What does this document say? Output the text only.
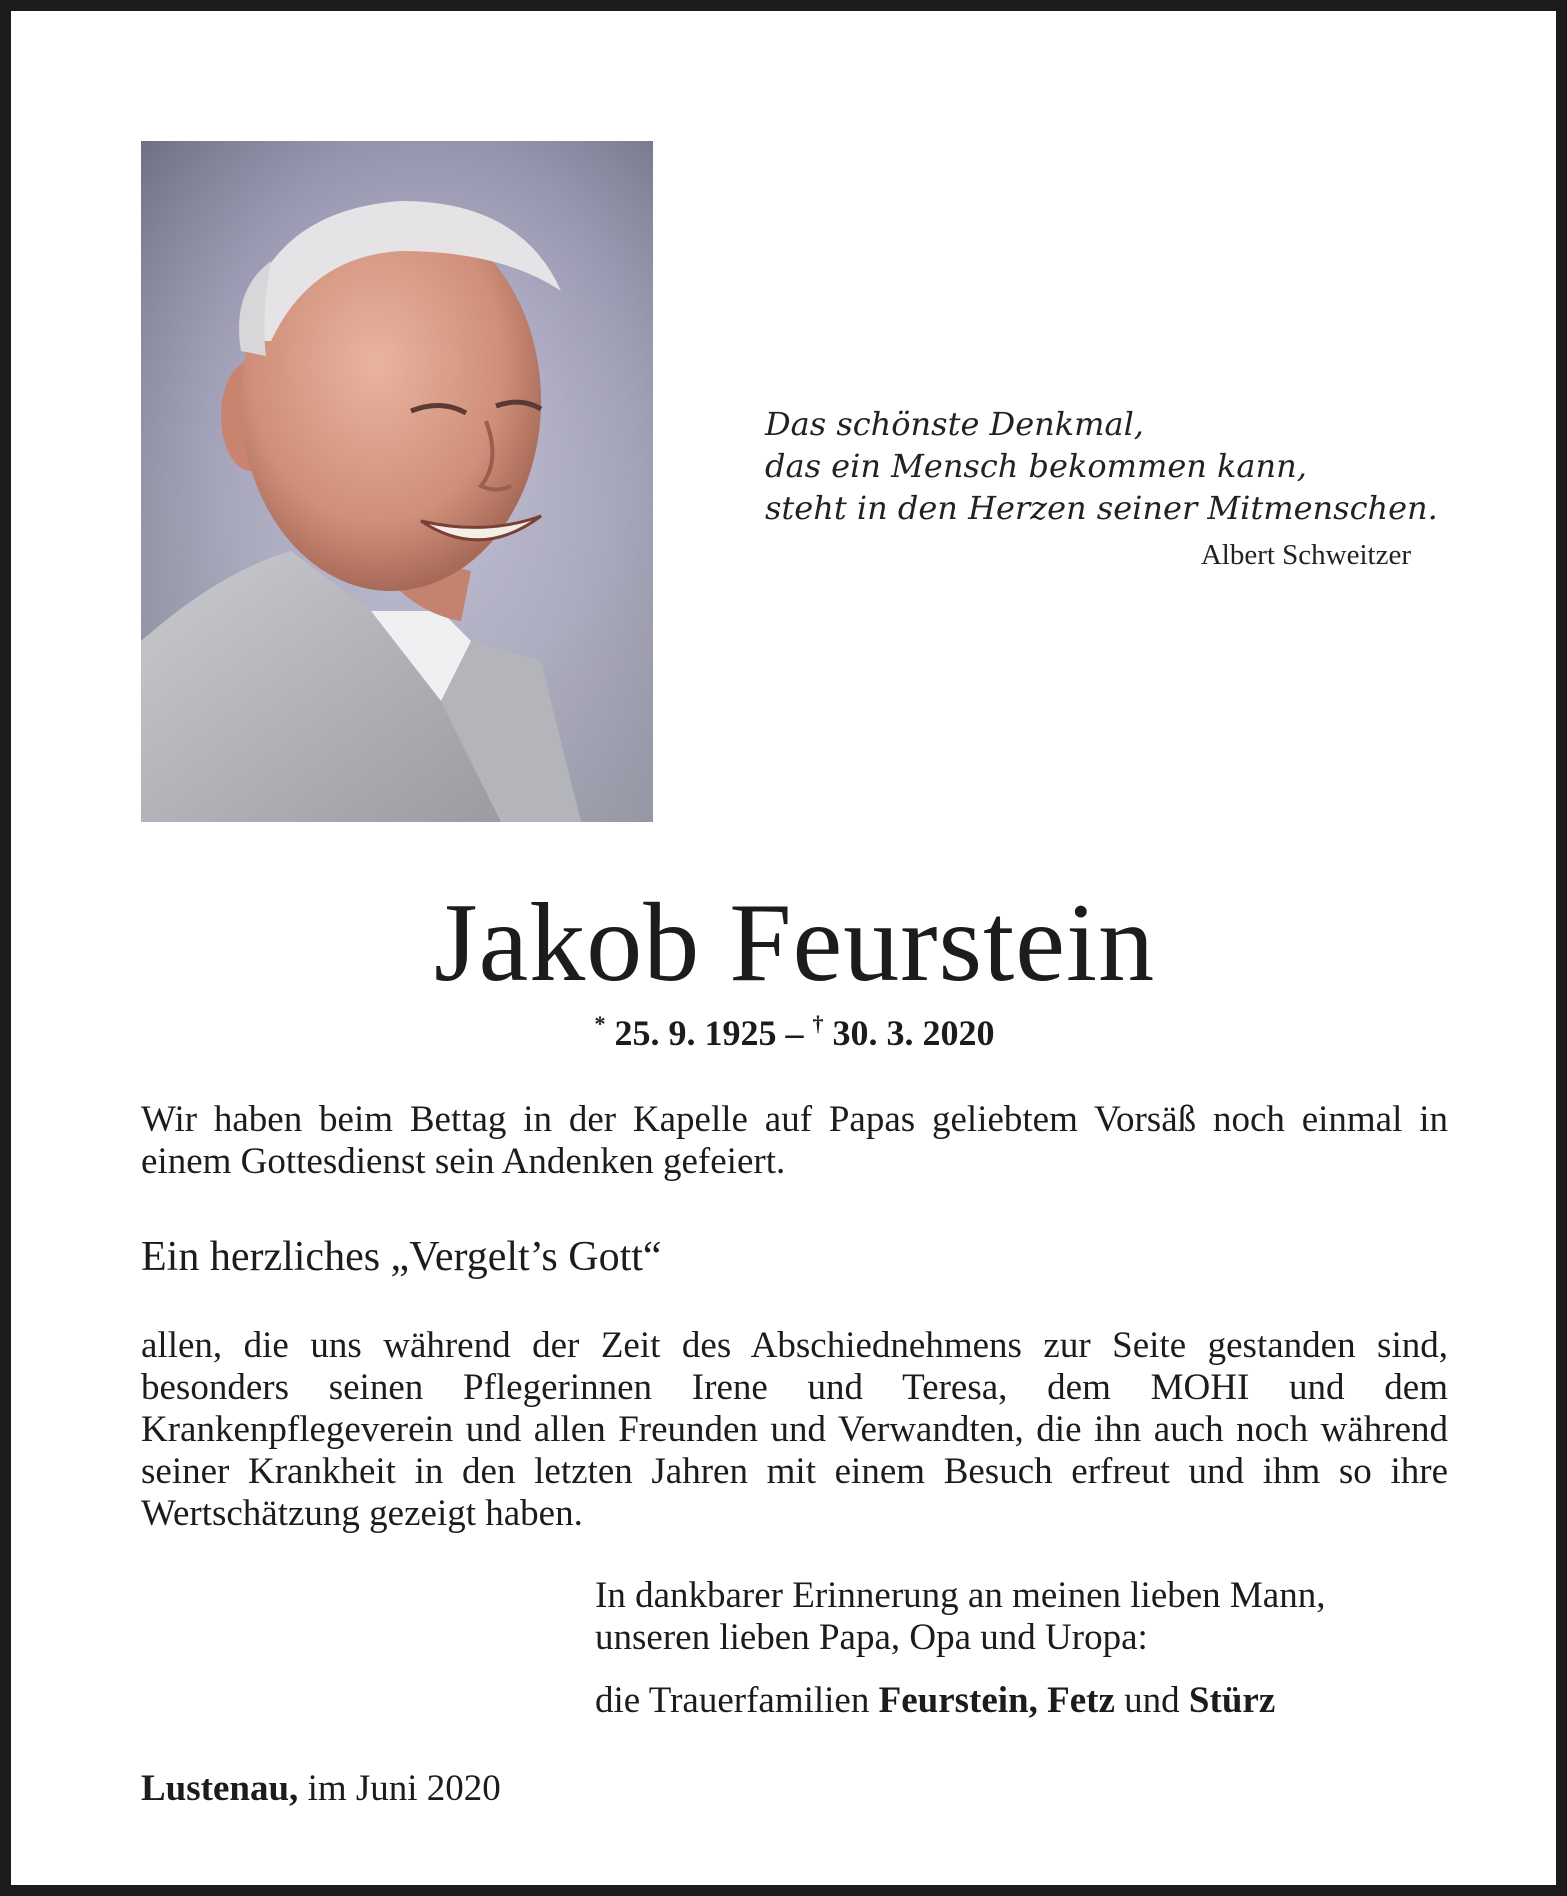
Das schönste Denkmal,
das ein Mensch bekommen kann,
steht in den Herzen seiner Mitmenschen.
Albert Schweitzer
Jakob Feurstein
* 25. 9. 1925 – † 30. 3. 2020
Wir haben beim Bettag in der Kapelle auf Papas geliebtem Vorsäß noch einmal in einem Gottesdienst sein Andenken gefeiert.
Ein herzliches „Vergelt’s Gott“
allen, die uns während der Zeit des Abschiednehmens zur Seite gestanden sind, besonders seinen Pflegerinnen Irene und Teresa, dem MOHI und dem Krankenpflegeverein und allen Freunden und Verwandten, die ihn auch noch während seiner Krankheit in den letzten Jahren mit einem Besuch erfreut und ihm so ihre Wertschätzung gezeigt haben.
In dankbarer Erinnerung an meinen lieben Mann,
unseren lieben Papa, Opa und Uropa:
die Trauerfamilien Feurstein, Fetz und Stürz
Lustenau, im Juni 2020
